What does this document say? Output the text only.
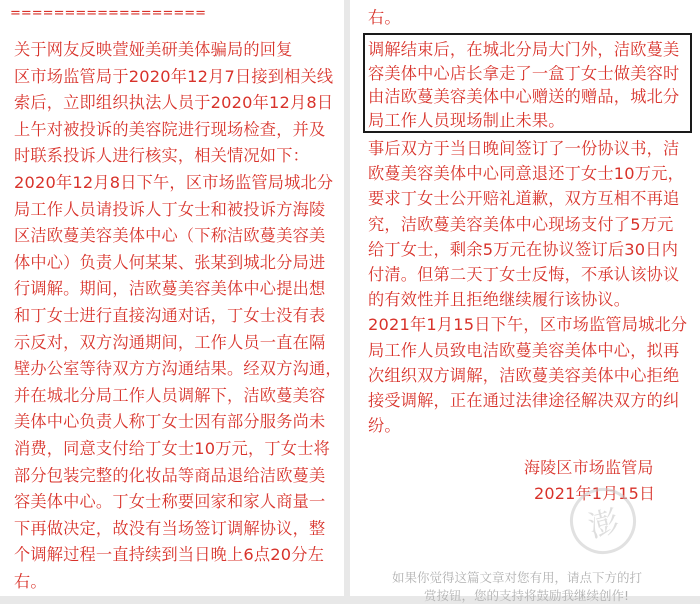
==================
关于网友反映萱娅美研美体骗局的回复
区市场监管局于2020年12月7日接到相关线
索后，立即组织执法人员于2020年12月8日
上午对被投诉的美容院进行现场检查，并及
时联系投诉人进行核实，相关情况如下：
2020年12月8日下午，区市场监管局城北分
局工作人员请投诉人丁女士和被投诉方海陵
区洁欧蔓美容美体中心（下称洁欧蔓美容美
体中心）负责人何某某、张某到城北分局进
行调解。期间，洁欧蔓美容美体中心提出想
和丁女士进行直接沟通对话，丁女士没有表
示反对，双方沟通期间，工作人员一直在隔
壁办公室等待双方方沟通结果。经双方沟通，
并在城北分局工作人员调解下，洁欧蔓美容
美体中心负责人称丁女士因有部分服务尚未
消费，同意支付给丁女士10万元，丁女士将
部分包装完整的化妆品等商品退给洁欧蔓美
容美体中心。丁女士称要回家和家人商量一
下再做决定，故没有当场签订调解协议，整
个调解过程一直持续到当日晚上6点20分左
右。
右。
调解结束后，在城北分局大门外，洁欧蔓美
容美体中心店长拿走了一盒丁女士做美容时
由洁欧蔓美容美体中心赠送的赠品，城北分
局工作人员现场制止未果。
事后双方于当日晚间签订了一份协议书，洁
欧蔓美容美体中心同意退还丁女士10万元，
要求丁女士公开赔礼道歉，双方互相不再追
究，洁欧蔓美容美体中心现场支付了5万元
给丁女士，剩余5万元在协议签订后30日内
付清。但第二天丁女士反悔，不承认该协议
的有效性并且拒绝继续履行该协议。
2021年1月15日下午，区市场监管局城北分
局工作人员致电洁欧蔓美容美体中心，拟再
次组织双方调解，洁欧蔓美容美体中心拒绝
接受调解，正在通过法律途径解决双方的纠
纷。
海陵区市场监管局
2021年1月15日
澎
如果你觉得这篇文章对您有用，请点下方的打
赏按钮，您的支持将鼓励我继续创作!
